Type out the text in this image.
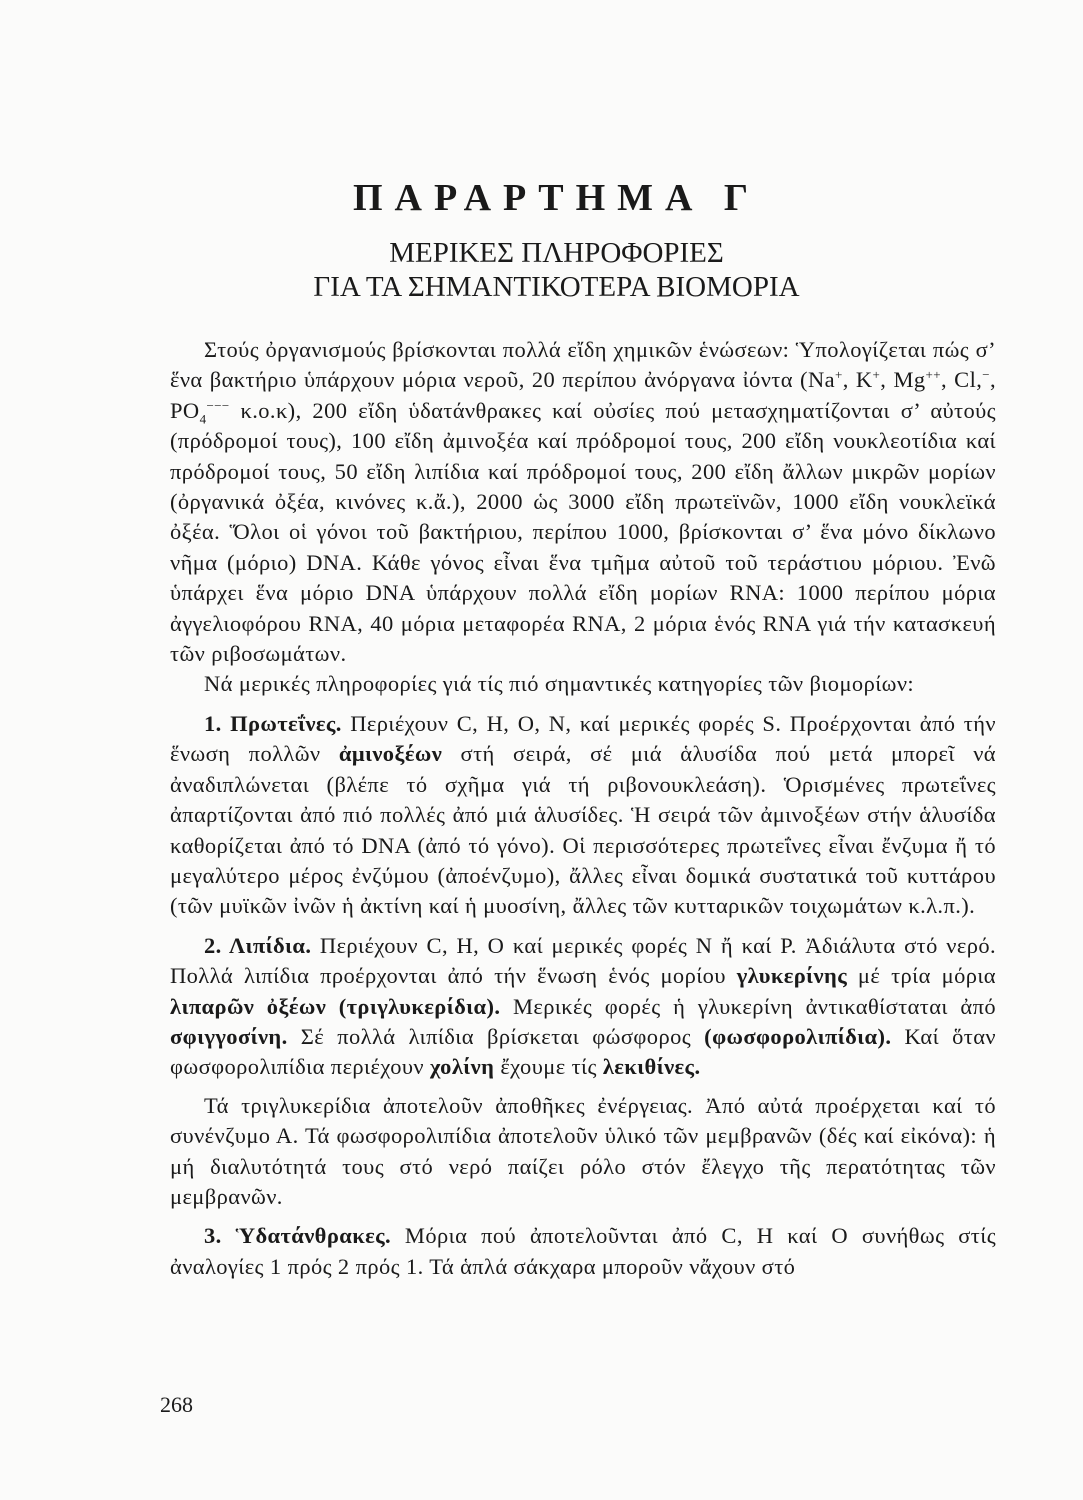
ΠΑΡΑΡΤΗΜΑ Γ
ΜΕΡΙΚΕΣ ΠΛΗΡΟΦΟΡΙΕΣ
ΓΙΑ ΤΑ ΣΗΜΑΝΤΙΚΟΤΕΡΑ ΒΙΟΜΟΡΙΑ

Στούς ὀργανισμούς βρίσκονται πολλά εἴδη χημικῶν ἑνώσεων: Ὑπολογίζεται πώς σ’ ἕνα βακτήριο ὑπάρχουν μόρια νεροῦ, 20 περίπου ἀνόργανα ἰόντα (Na+, K+, Mg++, Cl,−, $PO_4^{---}$ κ.ο.κ), 200 εἴδη ὑδατάνθρακες καί οὐσίες πού μετασχηματίζονται σ’ αὐτούς (πρόδρομοί τους), 100 εἴδη ἀμινοξέα καί πρόδρομοί τους, 200 εἴδη νουκλεοτίδια καί πρόδρομοί τους, 50 εἴδη λιπίδια καί πρόδρομοί τους, 200 εἴδη ἄλλων μικρῶν μορίων (ὀργανικά ὀξέα, κινόνες κ.ἄ.), 2000 ὡς 3000 εἴδη πρωτεϊνῶν, 1000 εἴδη νουκλεϊκά ὀξέα. Ὅλοι οἱ γόνοι τοῦ βακτήριου, περίπου 1000, βρίσκονται σ’ ἕνα μόνο δίκλωνο νῆμα (μόριο) DNA. Κάθε γόνος εἶναι ἕνα τμῆμα αὐτοῦ τοῦ τεράστιου μόριου. Ἐνῶ ὑπάρχει ἕνα μόριο DNA ὑπάρχουν πολλά εἴδη μορίων RNA: 1000 περίπου μόρια ἀγγελιοφόρου RNA, 40 μόρια μεταφορέα RNA, 2 μόρια ἑνός RNA γιά τήν κατασκευή τῶν ριβοσωμάτων.

Νά μερικές πληροφορίες γιά τίς πιό σημαντικές κατηγορίες τῶν βιομορίων:

1. Πρωτεΐνες. Περιέχουν C, H, O, N, καί μερικές φορές S. Προέρχονται ἀπό τήν ἕνωση πολλῶν ἀμινοξέων στή σειρά, σέ μιά ἁλυσίδα πού μετά μπορεῖ νά ἀναδιπλώνεται (βλέπε τό σχῆμα γιά τή ριβονουκλεάση). Ὁρισμένες πρωτεΐνες ἀπαρτίζονται ἀπό πιό πολλές ἀπό μιά ἁλυσίδες. Ἡ σειρά τῶν ἀμινοξέων στήν ἁλυσίδα καθορίζεται ἀπό τό DNA (ἀπό τό γόνο). Οἱ περισσότερες πρωτεΐνες εἶναι ἔνζυμα ἤ τό μεγαλύτερο μέρος ἐνζύμου (ἀποένζυμο), ἄλλες εἶναι δομικά συστατικά τοῦ κυττάρου (τῶν μυϊκῶν ἰνῶν ἡ ἀκτίνη καί ἡ μυοσίνη, ἄλλες τῶν κυτταρικῶν τοιχωμάτων κ.λ.π.).

2. Λιπίδια. Περιέχουν C, H, O καί μερικές φορές N ἤ καί P. Ἀδιάλυτα στό νερό. Πολλά λιπίδια προέρχονται ἀπό τήν ἕνωση ἑνός μορίου γλυκερίνης μέ τρία μόρια λιπαρῶν ὀξέων (τριγλυκερίδια). Μερικές φορές ἡ γλυκερίνη ἀντικαθίσταται ἀπό σφιγγοσίνη. Σέ πολλά λιπίδια βρίσκεται φώσφορος (φωσφορολιπίδια). Καί ὅταν φωσφορολιπίδια περιέχουν χολίνη ἔχουμε τίς λεκιθίνες.

Τά τριγλυκερίδια ἀποτελοῦν ἀποθῆκες ἐνέργειας. Ἀπό αὐτά προέρχεται καί τό συνένζυμο Α. Τά φωσφορολιπίδια ἀποτελοῦν ὑλικό τῶν μεμβρανῶν (δές καί εἰκόνα): ἡ μή διαλυτότητά τους στό νερό παίζει ρόλο στόν ἔλεγχο τῆς περατότητας τῶν μεμβρανῶν.

3. Ὑδατάνθρακες. Μόρια πού ἀποτελοῦνται ἀπό C, H καί O συνήθως στίς ἀναλογίες 1 πρός 2 πρός 1. Τά ἁπλά σάκχαρα μποροῦν νἄχουν στό

268
